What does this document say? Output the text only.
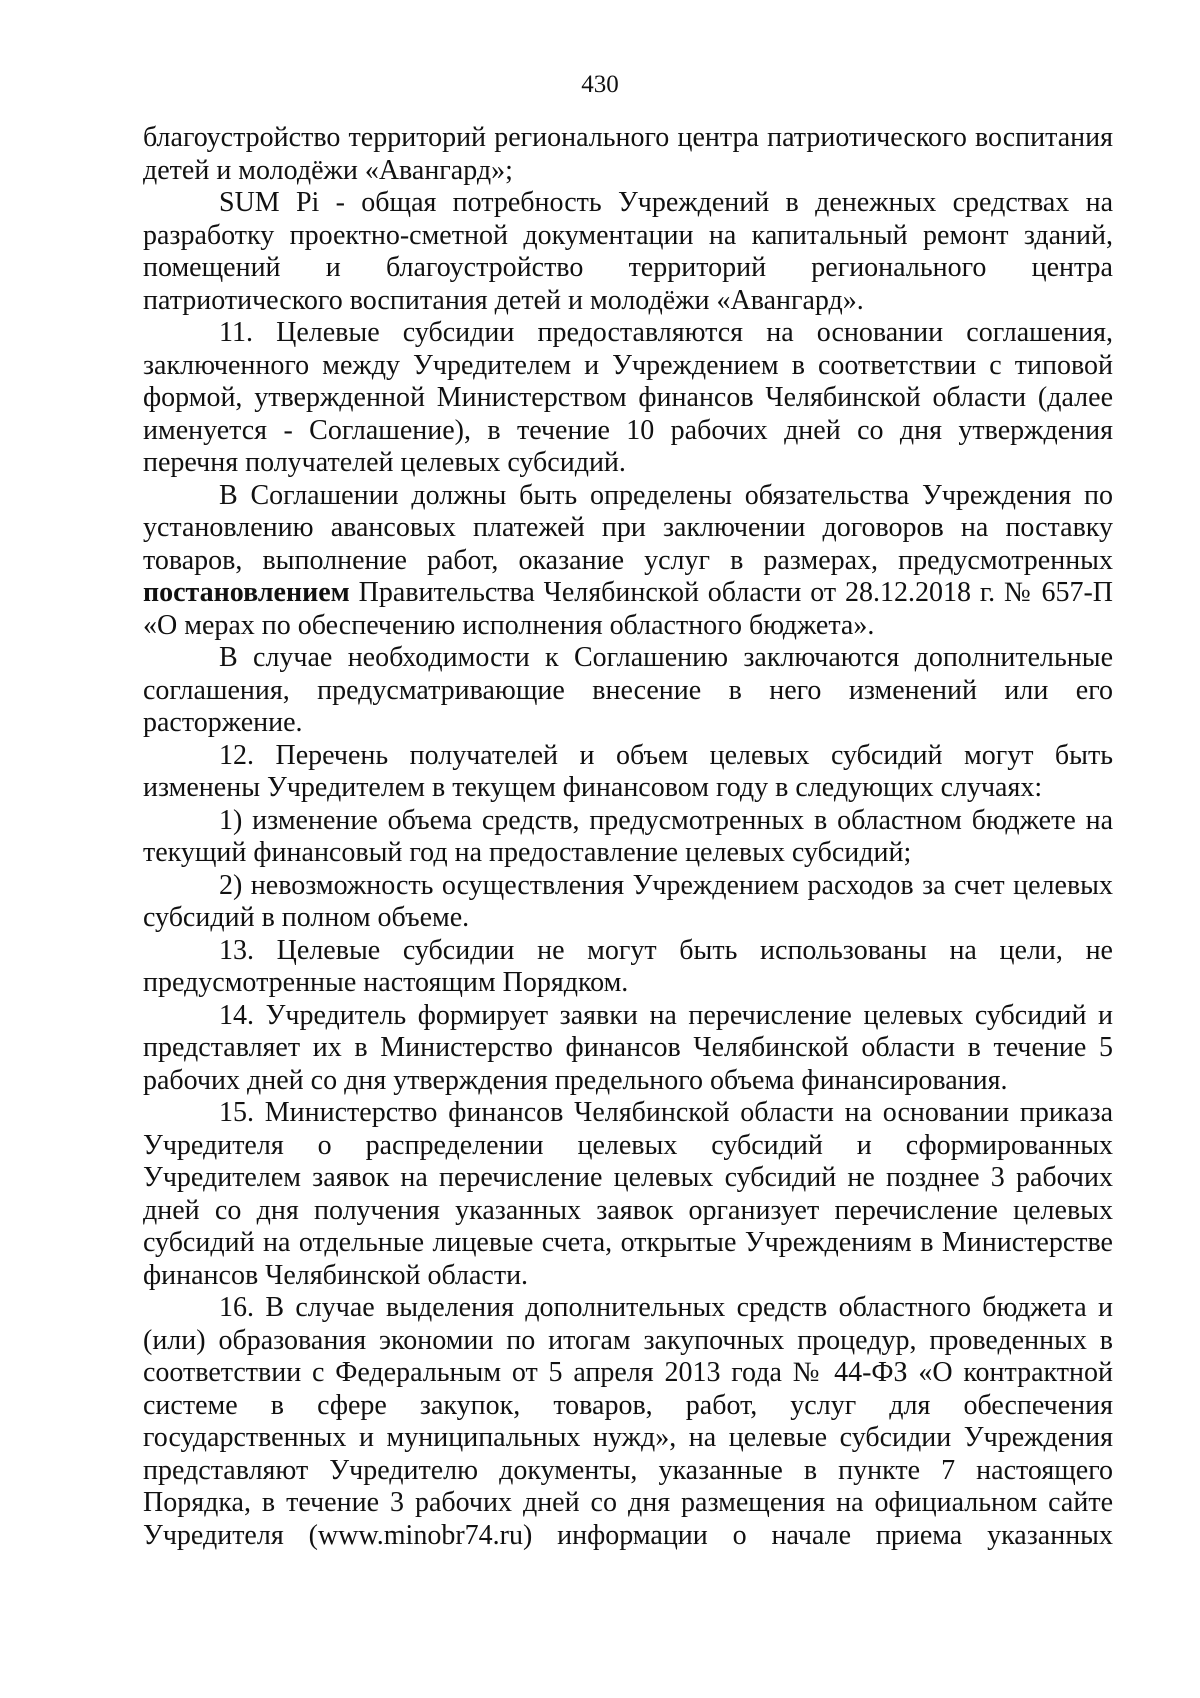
430

благоустройство территорий регионального центра патриотического воспитания детей и молодёжи «Авангард»;

SUM Pi - общая потребность Учреждений в денежных средствах на разработку проектно-сметной документации на капитальный ремонт зданий, помещений и благоустройство территорий регионального центра патриотического воспитания детей и молодёжи «Авангард».

11. Целевые субсидии предоставляются на основании соглашения, заключенного между Учредителем и Учреждением в соответствии с типовой формой, утвержденной Министерством финансов Челябинской области (далее именуется - Соглашение), в течение 10 рабочих дней со дня утверждения перечня получателей целевых субсидий.

В Соглашении должны быть определены обязательства Учреждения по установлению авансовых платежей при заключении договоров на поставку товаров, выполнение работ, оказание услуг в размерах, предусмотренных постановлением Правительства Челябинской области от 28.12.2018 г. № 657-П «О мерах по обеспечению исполнения областного бюджета».

В случае необходимости к Соглашению заключаются дополнительные соглашения, предусматривающие внесение в него изменений или его расторжение.

12. Перечень получателей и объем целевых субсидий могут быть изменены Учредителем в текущем финансовом году в следующих случаях:

1) изменение объема средств, предусмотренных в областном бюджете на текущий финансовый год на предоставление целевых субсидий;

2) невозможность осуществления Учреждением расходов за счет целевых субсидий в полном объеме.

13. Целевые субсидии не могут быть использованы на цели, не предусмотренные настоящим Порядком.

14. Учредитель формирует заявки на перечисление целевых субсидий и представляет их в Министерство финансов Челябинской области в течение 5 рабочих дней со дня утверждения предельного объема финансирования.

15. Министерство финансов Челябинской области на основании приказа Учредителя о распределении целевых субсидий и сформированных Учредителем заявок на перечисление целевых субсидий не позднее 3 рабочих дней со дня получения указанных заявок организует перечисление целевых субсидий на отдельные лицевые счета, открытые Учреждениям в Министерстве финансов Челябинской области.

16. В случае выделения дополнительных средств областного бюджета и (или) образования экономии по итогам закупочных процедур, проведенных в соответствии с Федеральным от 5 апреля 2013 года № 44-ФЗ «О контрактной системе в сфере закупок, товаров, работ, услуг для обеспечения государственных и муниципальных нужд», на целевые субсидии Учреждения представляют Учредителю документы, указанные в пункте 7 настоящего Порядка, в течение 3 рабочих дней со дня размещения на официальном сайте Учредителя (www.minobr74.ru) информации о начале приема указанных
